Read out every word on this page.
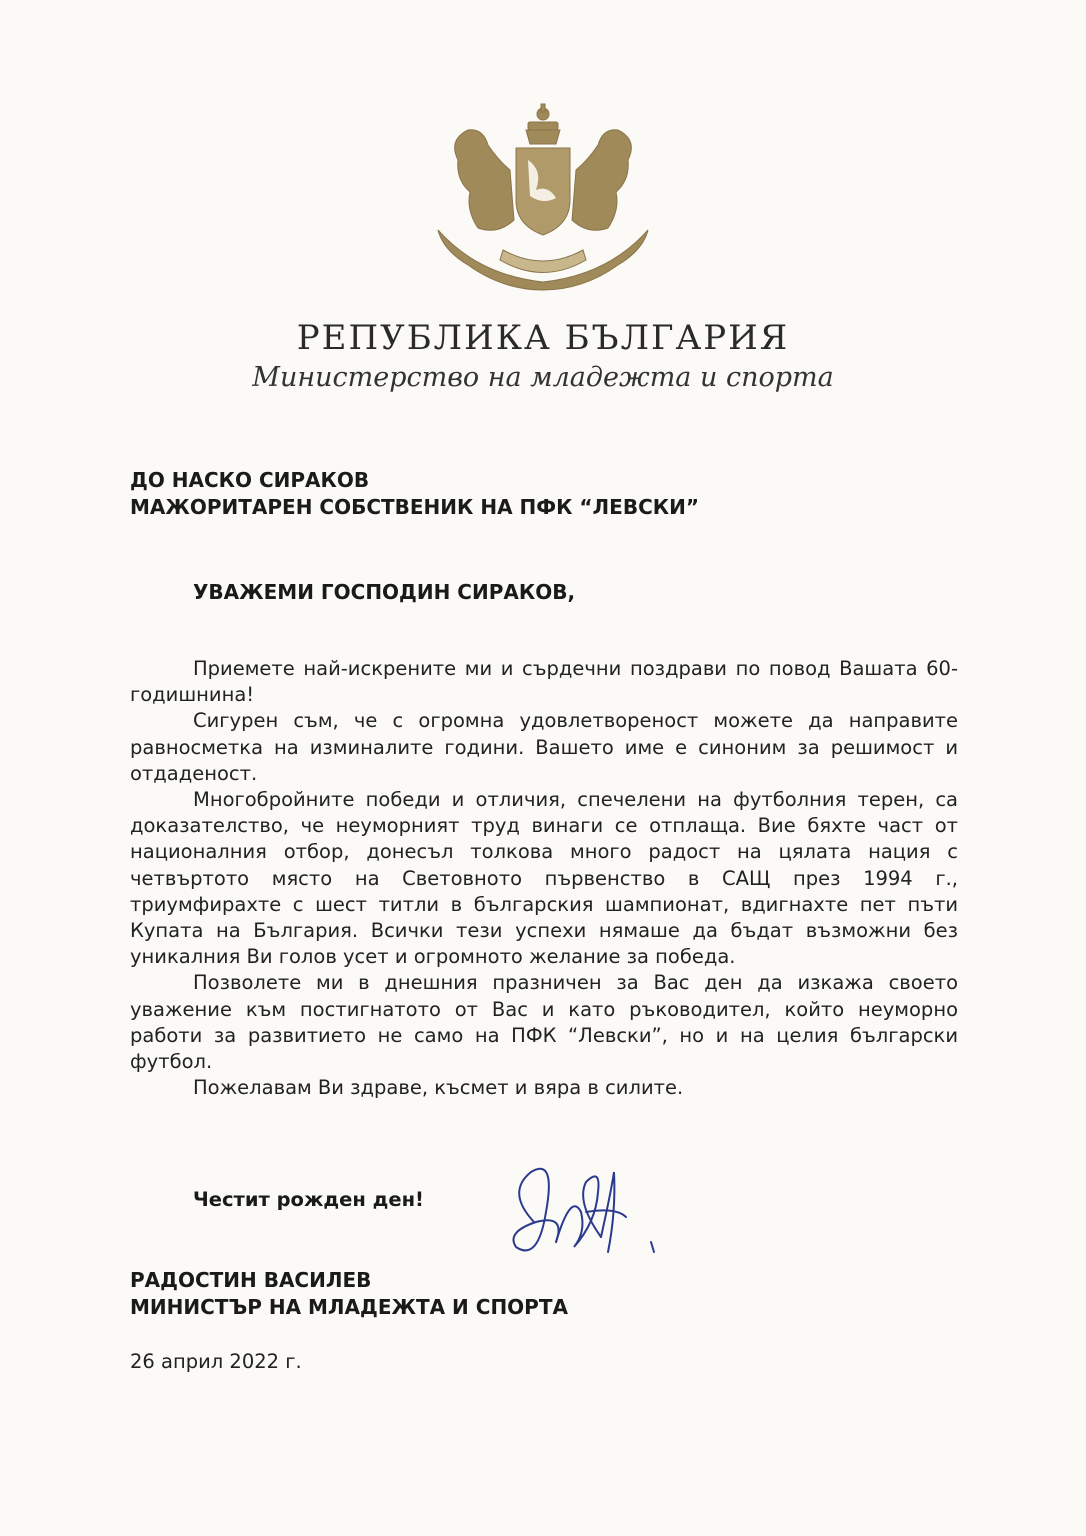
РЕПУБЛИКА БЪЛГАРИЯ
Министерство на младежта и спорта
ДО НАСКО СИРАКОВ
МАЖОРИТАРЕН СОБСТВЕНИК НА ПФК “ЛЕВСКИ”
УВАЖЕМИ ГОСПОДИН СИРАКОВ,

Приемете най-искрените ми и сърдечни поздрави по повод Вашата 60-годишнина!

Сигурен съм, че с огромна удовлетвореност можете да направите равносметка на изминалите години. Вашето име е синоним за решимост и отдаденост.

Многобройните победи и отличия, спечелени на футболния терен, са доказателство, че неуморният труд винаги се отплаща. Вие бяхте част от националния отбор, донесъл толкова много радост на цялата нация с четвъртото място на Световното първенство в САЩ през 1994 г., триумфирахте с шест титли в българския шампионат, вдигнахте пет пъти Купата на България. Всички тези успехи нямаше да бъдат възможни без уникалния Ви голов усет и огромното желание за победа.

Позволете ми в днешния празничен за Вас ден да изкажа своето уважение към постигнатото от Вас и като ръководител, който неуморно работи за развитието не само на ПФК “Левски”, но и на целия български футбол.

Пожелавам Ви здраве, късмет и вяра в силите.

Честит рожден ден!
РАДОСТИН ВАСИЛЕВ
МИНИСТЪР НА МЛАДЕЖТА И СПОРТА
26 април 2022 г.
